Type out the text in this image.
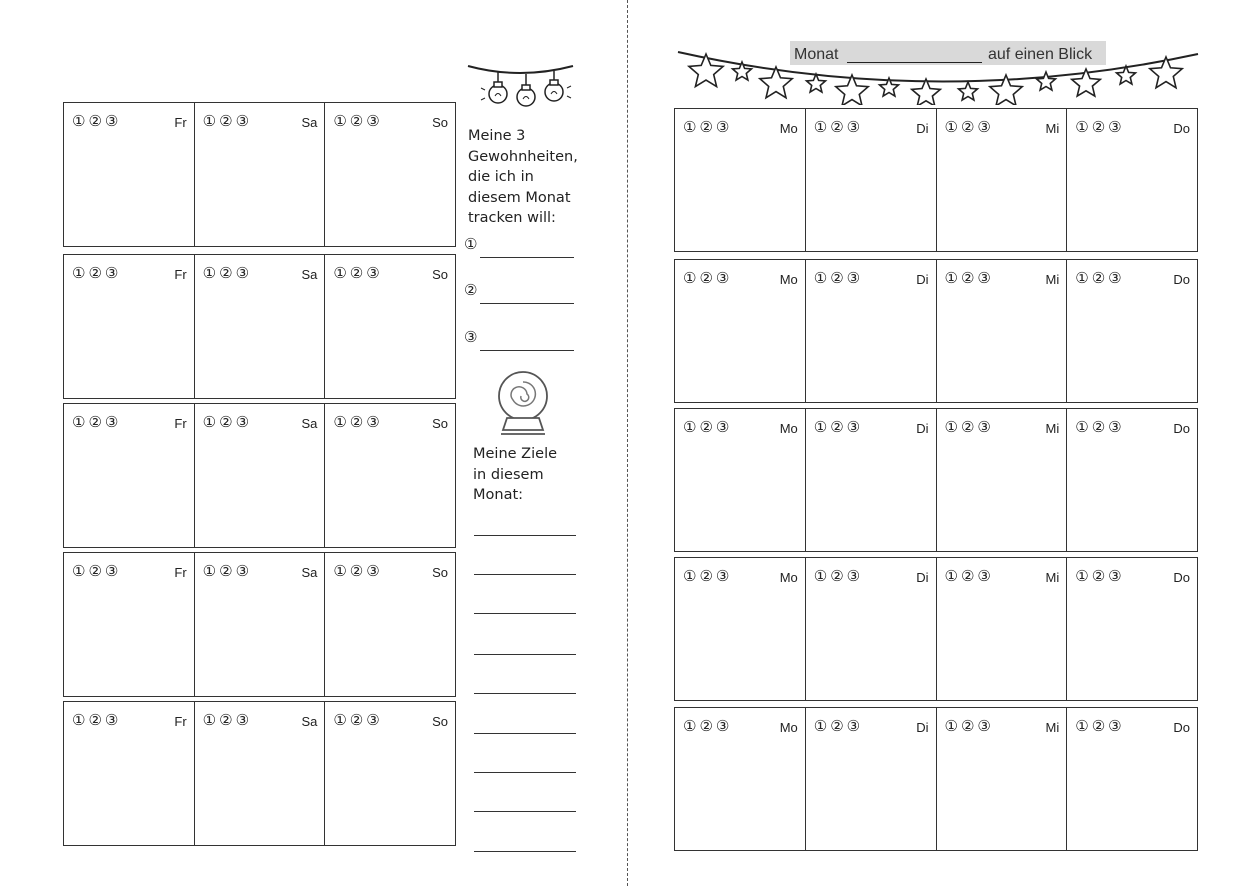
①②③	Fr ①②③	Sa ①②③	So
①②③	Fr ①②③	Sa ①②③	So
①②③	Fr ①②③	Sa ①②③	So
①②③	Fr ①②③	Sa ①②③	So
①②③	Fr ①②③	Sa ①②③	So
Meine 3 Gewohnheiten, die ich in diesem Monat tracken will:
①
②
③
Meine Ziele in diesem Monat:
Monat	auf einen Blick
①②③	Mo ①②③	Di ①②③	Mi ①②③	Do
①②③	Mo ①②③	Di ①②③	Mi ①②③	Do
①②③	Mo ①②③	Di ①②③	Mi ①②③	Do
①②③	Mo ①②③	Di ①②③	Mi ①②③	Do
①②③	Mo ①②③	Di ①②③	Mi ①②③	Do
